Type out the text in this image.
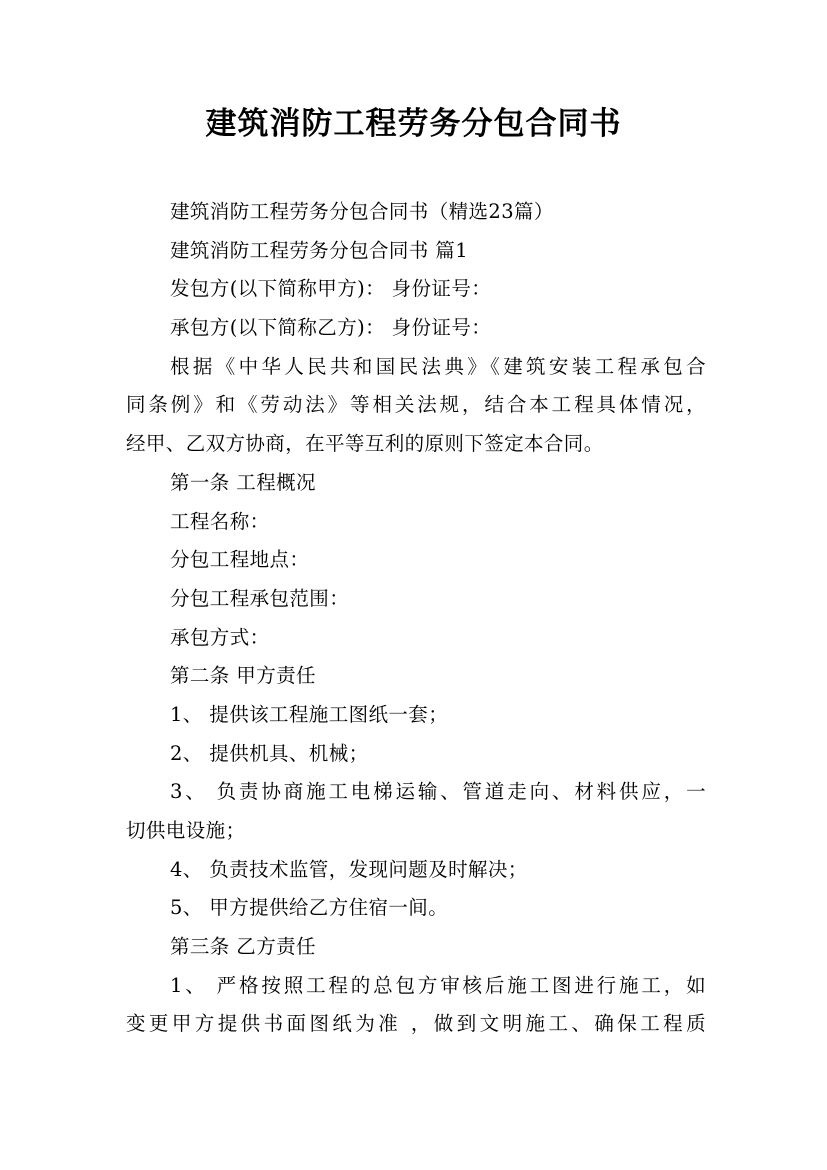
建筑消防工程劳务分包合同书
建筑消防工程劳务分包合同书（精选23篇）
建筑消防工程劳务分包合同书 篇1
发包方(以下简称甲方)： 身份证号：
承包方(以下简称乙方)： 身份证号：
根据《中华人民共和国民法典》《建筑安装工程承包合
同条例》和《劳动法》等相关法规，结合本工程具体情况，
经甲、乙双方协商，在平等互利的原则下签定本合同。
第一条 工程概况
工程名称：
分包工程地点：
分包工程承包范围：
承包方式：
第二条 甲方责任
1、 提供该工程施工图纸一套；
2、 提供机具、机械；
3、 负责协商施工电梯运输、管道走向、材料供应，一
切供电设施；
4、 负责技术监管，发现问题及时解决；
5、 甲方提供给乙方住宿一间。
第三条 乙方责任
1、 严格按照工程的总包方审核后施工图进行施工，如
变更甲方提供书面图纸为准 ，做到文明施工、确保工程质
